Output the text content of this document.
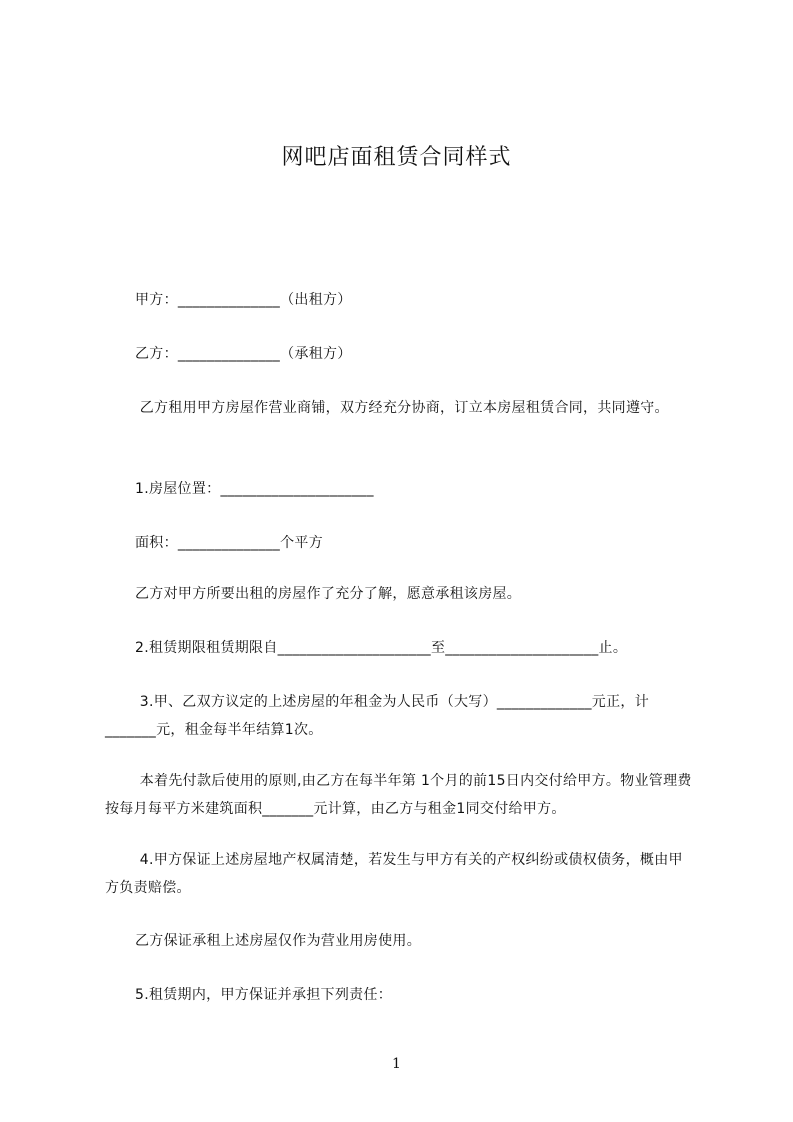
网吧店面租赁合同样式
甲方：______________（出租方）
乙方：______________（承租方）
乙方租用甲方房屋作营业商铺，双方经充分协商，订立本房屋租赁合同，共同遵守。
1.房屋位置：_____________________
面积：______________个平方
乙方对甲方所要出租的房屋作了充分了解，愿意承租该房屋。
2.租赁期限租赁期限自_____________________至_____________________止。
3.甲、乙双方议定的上述房屋的年租金为人民币（大写）_____________元正，计_______元，租金每半年结算1次。
本着先付款后使用的原则,由乙方在每半年第 1个月的前15日内交付给甲方。物业管理费按每月每平方米建筑面积_______元计算，由乙方与租金1同交付给甲方。
4.甲方保证上述房屋地产权属清楚，若发生与甲方有关的产权纠纷或债权债务，概由甲方负责赔偿。
乙方保证承租上述房屋仅作为营业用房使用。
5.租赁期内，甲方保证并承担下列责任：
1
